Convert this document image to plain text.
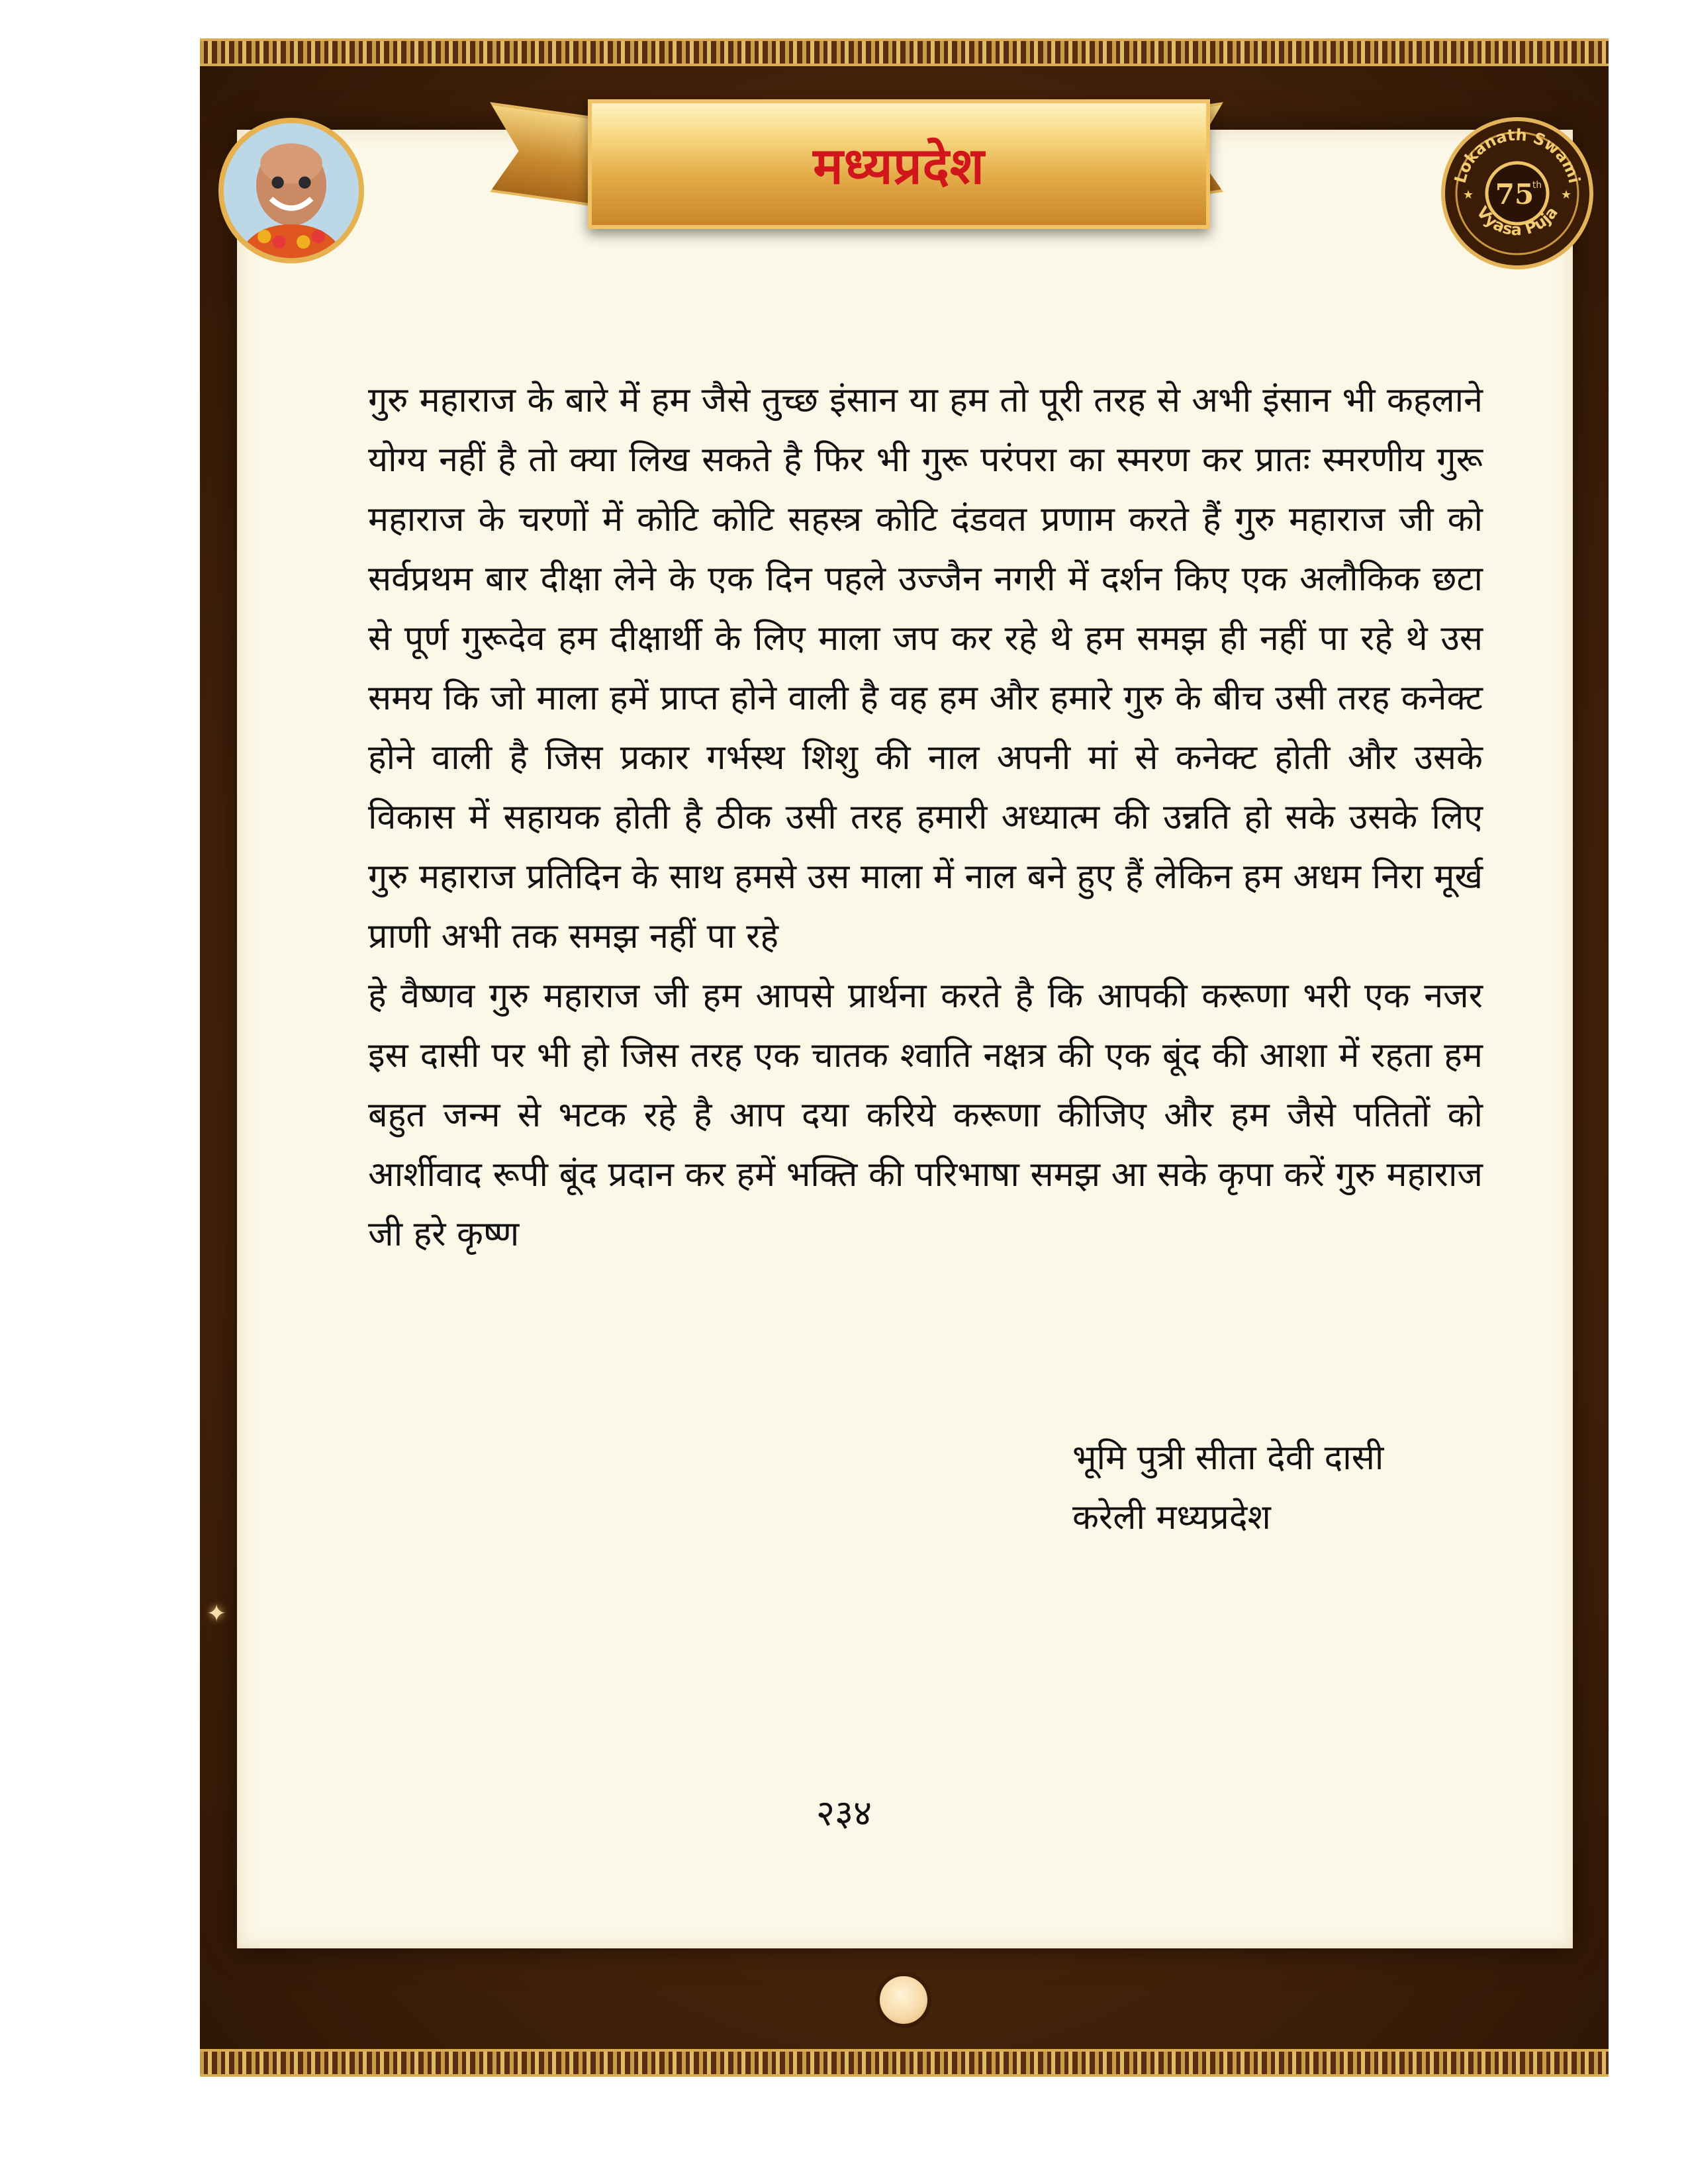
✦
मध्यप्रदेश	Lokanath Swami
Vyasa Puja
75
th
★	★

गुरु महाराज के बारे में हम जैसे तुच्छ इंसान या हम तो पूरी तरह से अभी इंसान भी कहलाने योग्य नहीं है तो क्या लिख सकते है फिर भी गुरू परंपरा का स्मरण कर प्रातः स्मरणीय गुरू महाराज के चरणों में कोटि कोटि सहस्त्र कोटि दंडवत प्रणाम करते हैं गुरु महाराज जी को सर्वप्रथम बार दीक्षा लेने के एक दिन पहले उज्जैन नगरी में दर्शन किए एक अलौकिक छटा से पूर्ण गुरूदेव हम दीक्षार्थी के लिए माला जप कर रहे थे हम समझ ही नहीं पा रहे थे उस समय कि जो माला हमें प्राप्त होने वाली है वह हम और हमारे गुरु के बीच उसी तरह कनेक्ट होने वाली है जिस प्रकार गर्भस्थ शिशु की नाल अपनी मां से कनेक्ट होती और उसके विकास में सहायक होती है ठीक उसी तरह हमारी अध्यात्म की उन्नति हो सके उसके लिए गुरु महाराज प्रतिदिन के साथ हमसे उस माला में नाल बने हुए हैं लेकिन हम अधम निरा मूर्ख प्राणी अभी तक समझ नहीं पा रहे

हे वैष्णव गुरु महाराज जी हम आपसे प्रार्थना करते है कि आपकी करूणा भरी एक नजर इस दासी पर भी हो जिस तरह एक चातक श्वाति नक्षत्र की एक बूंद की आशा में रहता हम बहुत जन्म से भटक रहे है आप दया करिये करूणा कीजिए और हम जैसे पतितों को आर्शीवाद रूपी बूंद प्रदान कर हमें भक्ति की परिभाषा समझ आ सके कृपा करें गुरु महाराज जी हरे कृष्ण

भूमि पुत्री सीता देवी दासी
करेली मध्यप्रदेश
२३४
